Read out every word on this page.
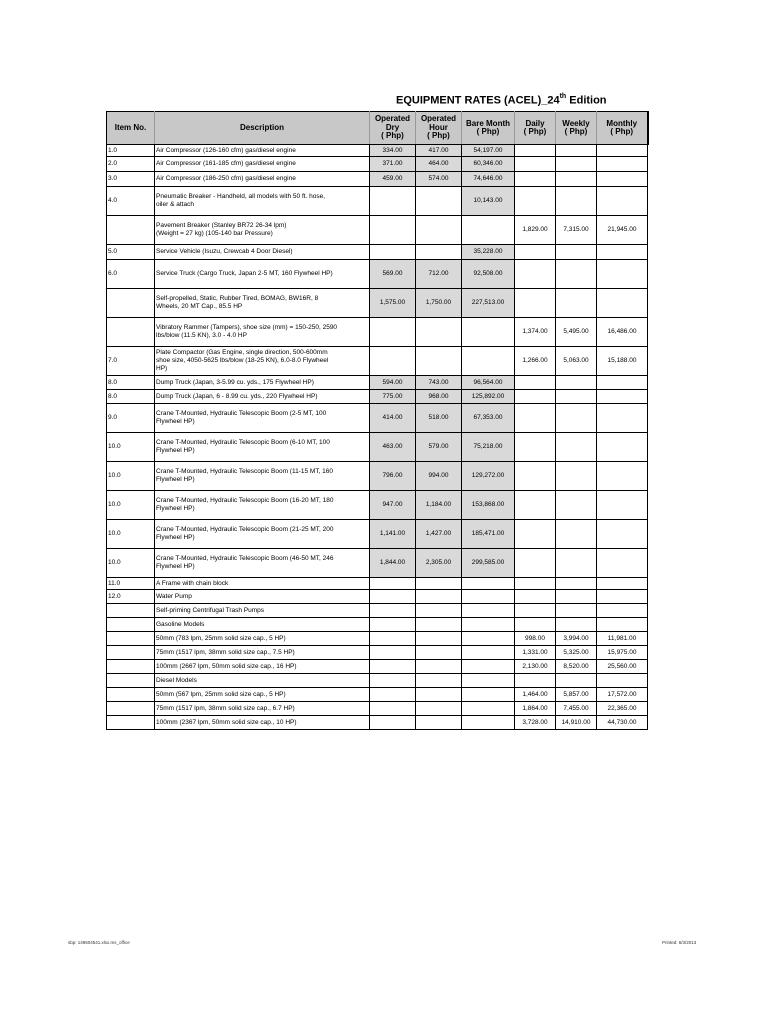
EQUIPMENT RATES (ACEL)_24th Edition
Item No.	Description	Operated
Dry
( Php)	Operated
Hour
( Php)	Bare Month
( Php)	Daily
( Php)	Weekly
( Php)	Monthly
( Php)
1.0	Air Compressor (126-160 cfm) gas/diesel engine	334.00	417.00	54,197.00			
2.0	Air Compressor (161-185 cfm) gas/diesel engine	371.00	464.00	60,346.00			
3.0	Air Compressor (186-250 cfm) gas/diesel engine	459.00	574.00	74,646.00			
4.0	Pneumatic Breaker - Handheld, all models with 50 ft. hose,
oiler & attach			10,143.00			
	Pavement Breaker (Stanley BR72 26-34 lpm)
(Weight = 27 kg) (105-140 bar Pressure)				1,829.00	7,315.00	21,945.00
5.0	Service Vehicle (Isuzu, Crewcab 4 Door Diesel)			35,228.00			
6.0	Service Truck (Cargo Truck, Japan 2-5 MT, 160 Flywheel HP)	569.00	712.00	92,508.00			
	Self-propelled, Static, Rubber Tired, BOMAG, BW16R, 8
Wheels, 20 MT Cap., 85.5 HP	1,575.00	1,750.00	227,513.00			
	Vibratory Rammer (Tampers), shoe size (mm) = 150-250, 2590
lbs/blow (11.5 KN), 3.0 - 4.0 HP				1,374.00	5,495.00	16,486.00
7.0	Plate Compactor (Gas Engine, single direction, 500-600mm
shoe size, 4050-5625 lbs/blow (18-25 KN), 6.0-8.0 Flywheel
HP)				1,266.00	5,063.00	15,188.00
8.0	Dump Truck (Japan, 3-5.99 cu. yds., 175 Flywheel HP)	594.00	743.00	96,564.00			
8.0	Dump Truck (Japan, 6 - 8.99 cu. yds., 220 Flywheel HP)	775.00	968.00	125,892.00			
9.0	Crane T-Mounted, Hydraulic Telescopic Boom (2-5 MT, 100
Flywheel HP)	414.00	518.00	67,353.00			
10.0	Crane T-Mounted, Hydraulic Telescopic Boom (6-10 MT, 100
Flywheel HP)	463.00	579.00	75,218.00			
10.0	Crane T-Mounted, Hydraulic Telescopic Boom (11-15 MT, 160
Flywheel HP)	796.00	994.00	129,272.00			
10.0	Crane T-Mounted, Hydraulic Telescopic Boom (16-20 MT, 180
Flywheel HP)	947.00	1,184.00	153,868.00			
10.0	Crane T-Mounted, Hydraulic Telescopic Boom (21-25 MT, 200
Flywheel HP)	1,141.00	1,427.00	185,471.00			
10.0	Crane T-Mounted, Hydraulic Telescopic Boom (46-50 MT, 246
Flywheel HP)	1,844.00	2,305.00	299,585.00			
11.0	A Frame with chain block						
12.0	Water Pump						
	Self-priming Centrifugal Trash Pumps						
	Gasoline Models						
	50mm (783 lpm, 25mm solid size cap., 5 HP)				998.00	3,994.00	11,981.00
	75mm (1517 lpm, 38mm solid size cap., 7.5 HP)				1,331.00	5,325.00	15,975.00
	100mm (2667 lpm, 50mm solid size cap., 16 HP)				2,130.00	8,520.00	25,560.00
	Diesel Models						
	50mm (567 lpm, 25mm solid size cap., 5 HP)				1,464.00	5,857.00	17,572.00
	75mm (1517 lpm, 38mm solid size cap., 6.7 HP)				1,864.00	7,455.00	22,365.00
	100mm (2367 lpm, 50mm solid size cap., 10 HP)				3,728.00	14,910.00	44,730.00
sbp: 149504541.xlsx.ms_office	Printed: 6/3/2013
